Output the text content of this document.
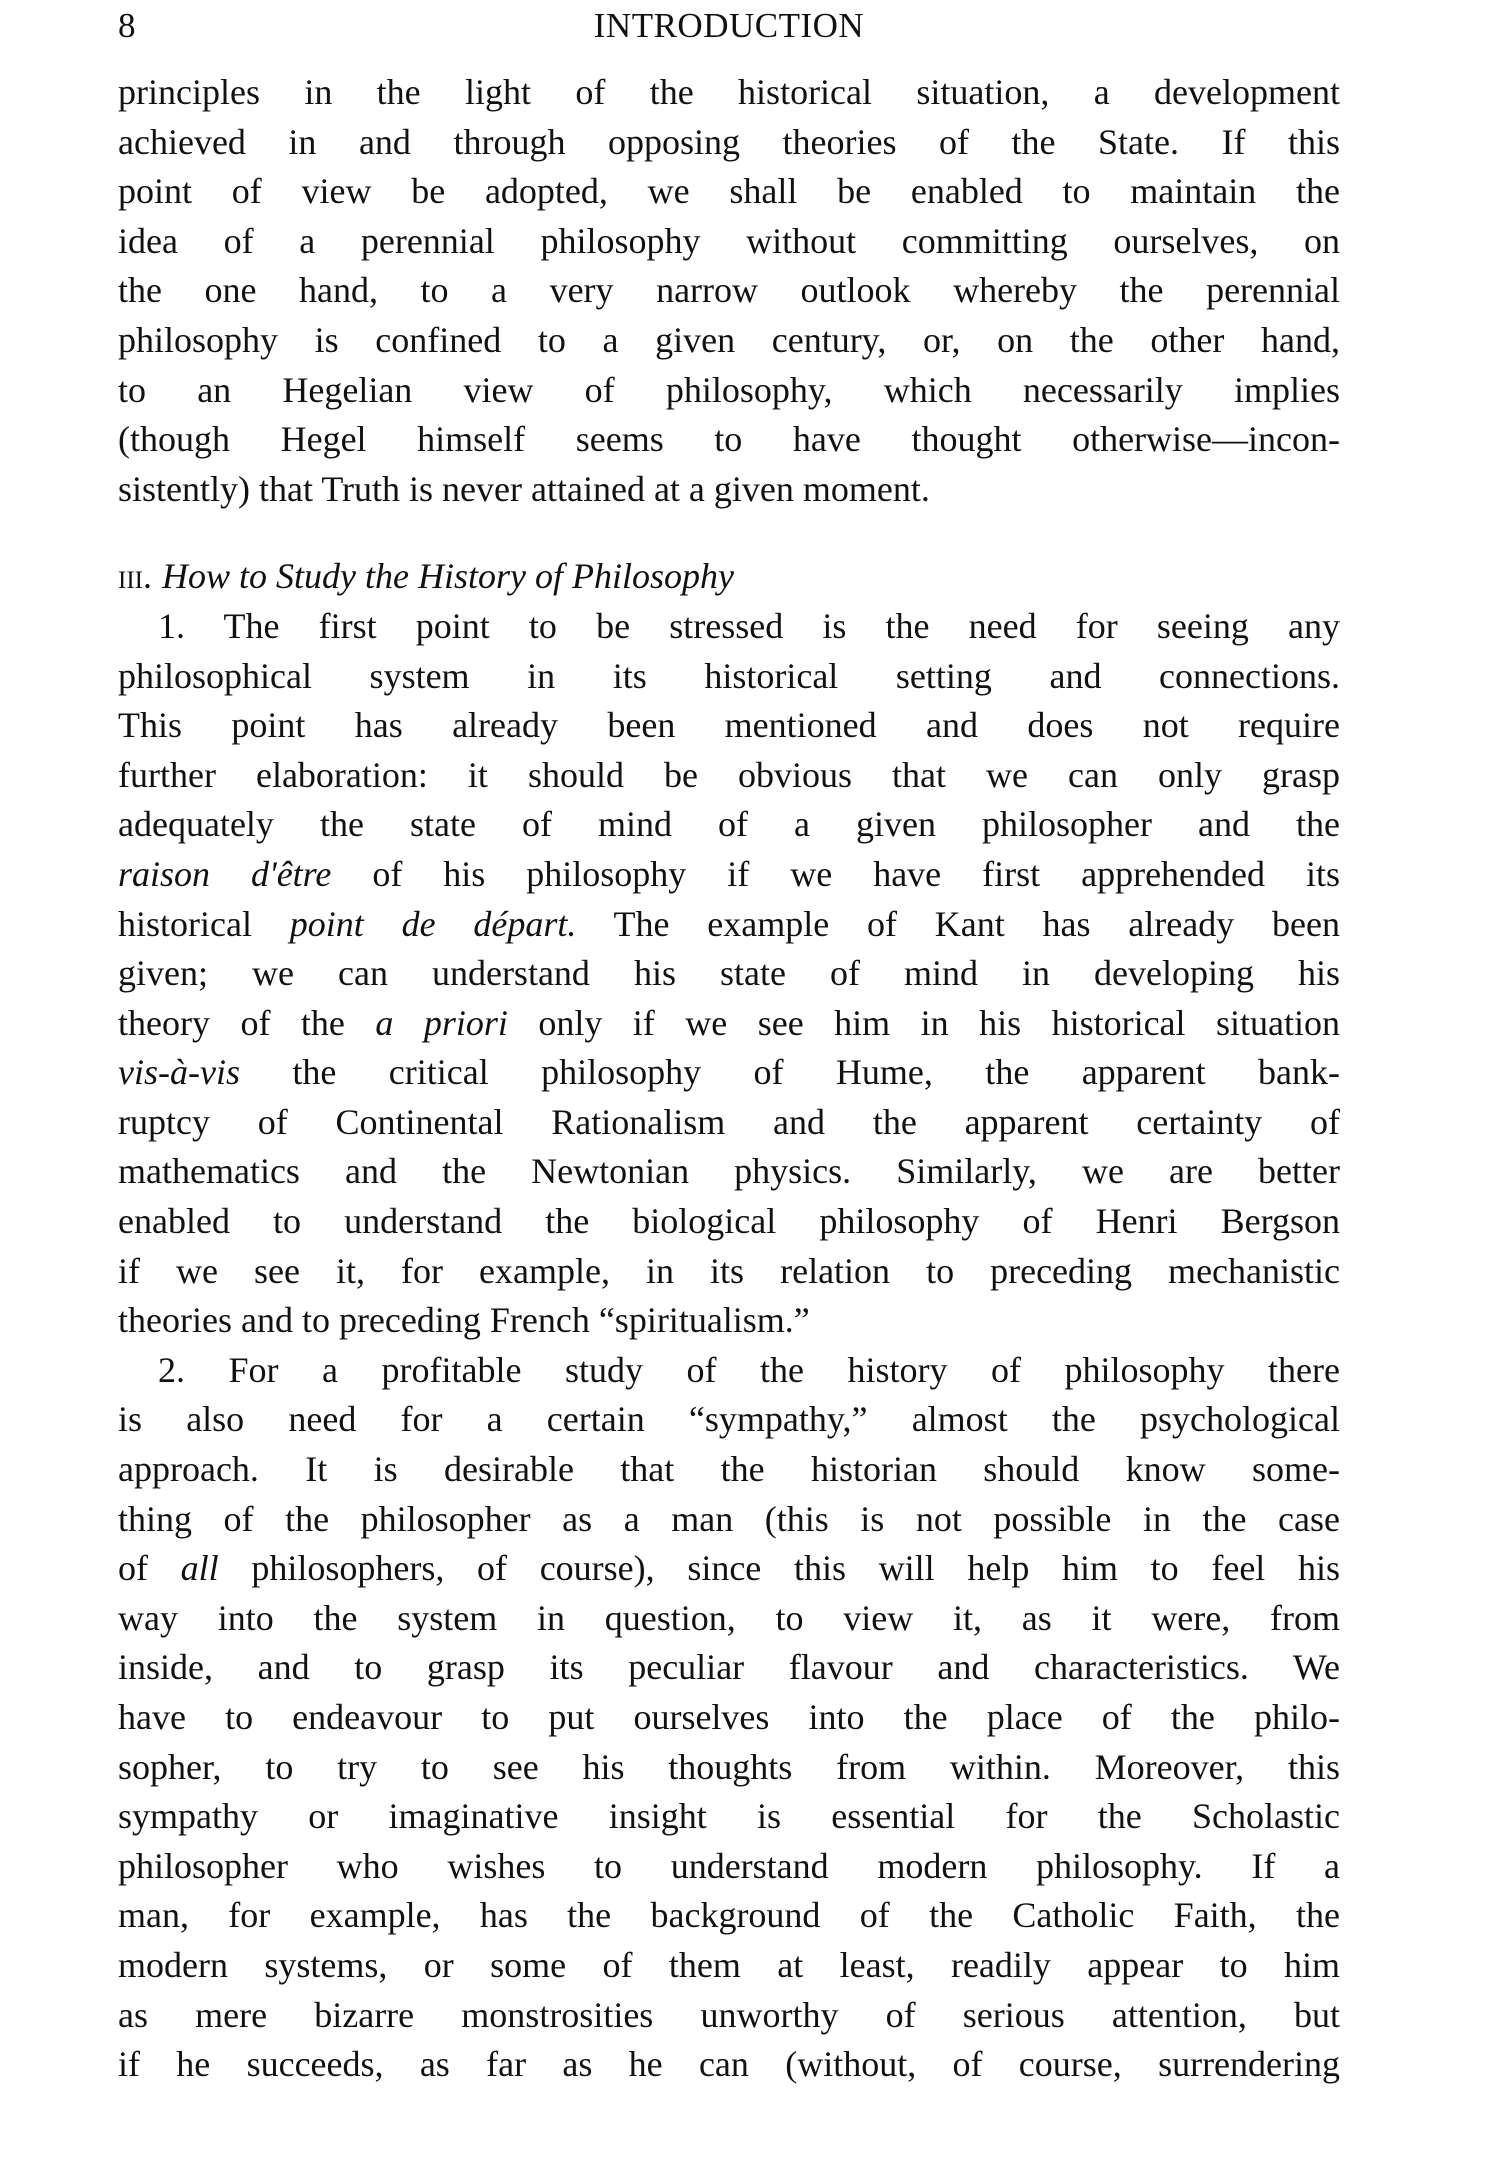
8	INTRODUCTION
principles in the light of the historical situation, a development
achieved in and through opposing theories of the State. If this
point of view be adopted, we shall be enabled to maintain the
idea of a perennial philosophy without committing ourselves, on
the one hand, to a very narrow outlook whereby the perennial
philosophy is confined to a given century, or, on the other hand,
to an Hegelian view of philosophy, which necessarily implies
(though Hegel himself seems to have thought otherwise—incon-
sistently) that Truth is never attained at a given moment.
iii. How to Study the History of Philosophy
1. The first point to be stressed is the need for seeing any
philosophical system in its historical setting and connections.
This point has already been mentioned and does not require
further elaboration: it should be obvious that we can only grasp
adequately the state of mind of a given philosopher and the
raison d'être of his philosophy if we have first apprehended its
historical point de départ. The example of Kant has already been
given; we can understand his state of mind in developing his
theory of the a priori only if we see him in his historical situation
vis-à-vis the critical philosophy of Hume, the apparent bank-
ruptcy of Continental Rationalism and the apparent certainty of
mathematics and the Newtonian physics. Similarly, we are better
enabled to understand the biological philosophy of Henri Bergson
if we see it, for example, in its relation to preceding mechanistic
theories and to preceding French “spiritualism.”
2. For a profitable study of the history of philosophy there
is also need for a certain “sympathy,” almost the psychological
approach. It is desirable that the historian should know some-
thing of the philosopher as a man (this is not possible in the case
of all philosophers, of course), since this will help him to feel his
way into the system in question, to view it, as it were, from
inside, and to grasp its peculiar flavour and characteristics. We
have to endeavour to put ourselves into the place of the philo-
sopher, to try to see his thoughts from within. Moreover, this
sympathy or imaginative insight is essential for the Scholastic
philosopher who wishes to understand modern philosophy. If a
man, for example, has the background of the Catholic Faith, the
modern systems, or some of them at least, readily appear to him
as mere bizarre monstrosities unworthy of serious attention, but
if he succeeds, as far as he can (without, of course, surrendering
